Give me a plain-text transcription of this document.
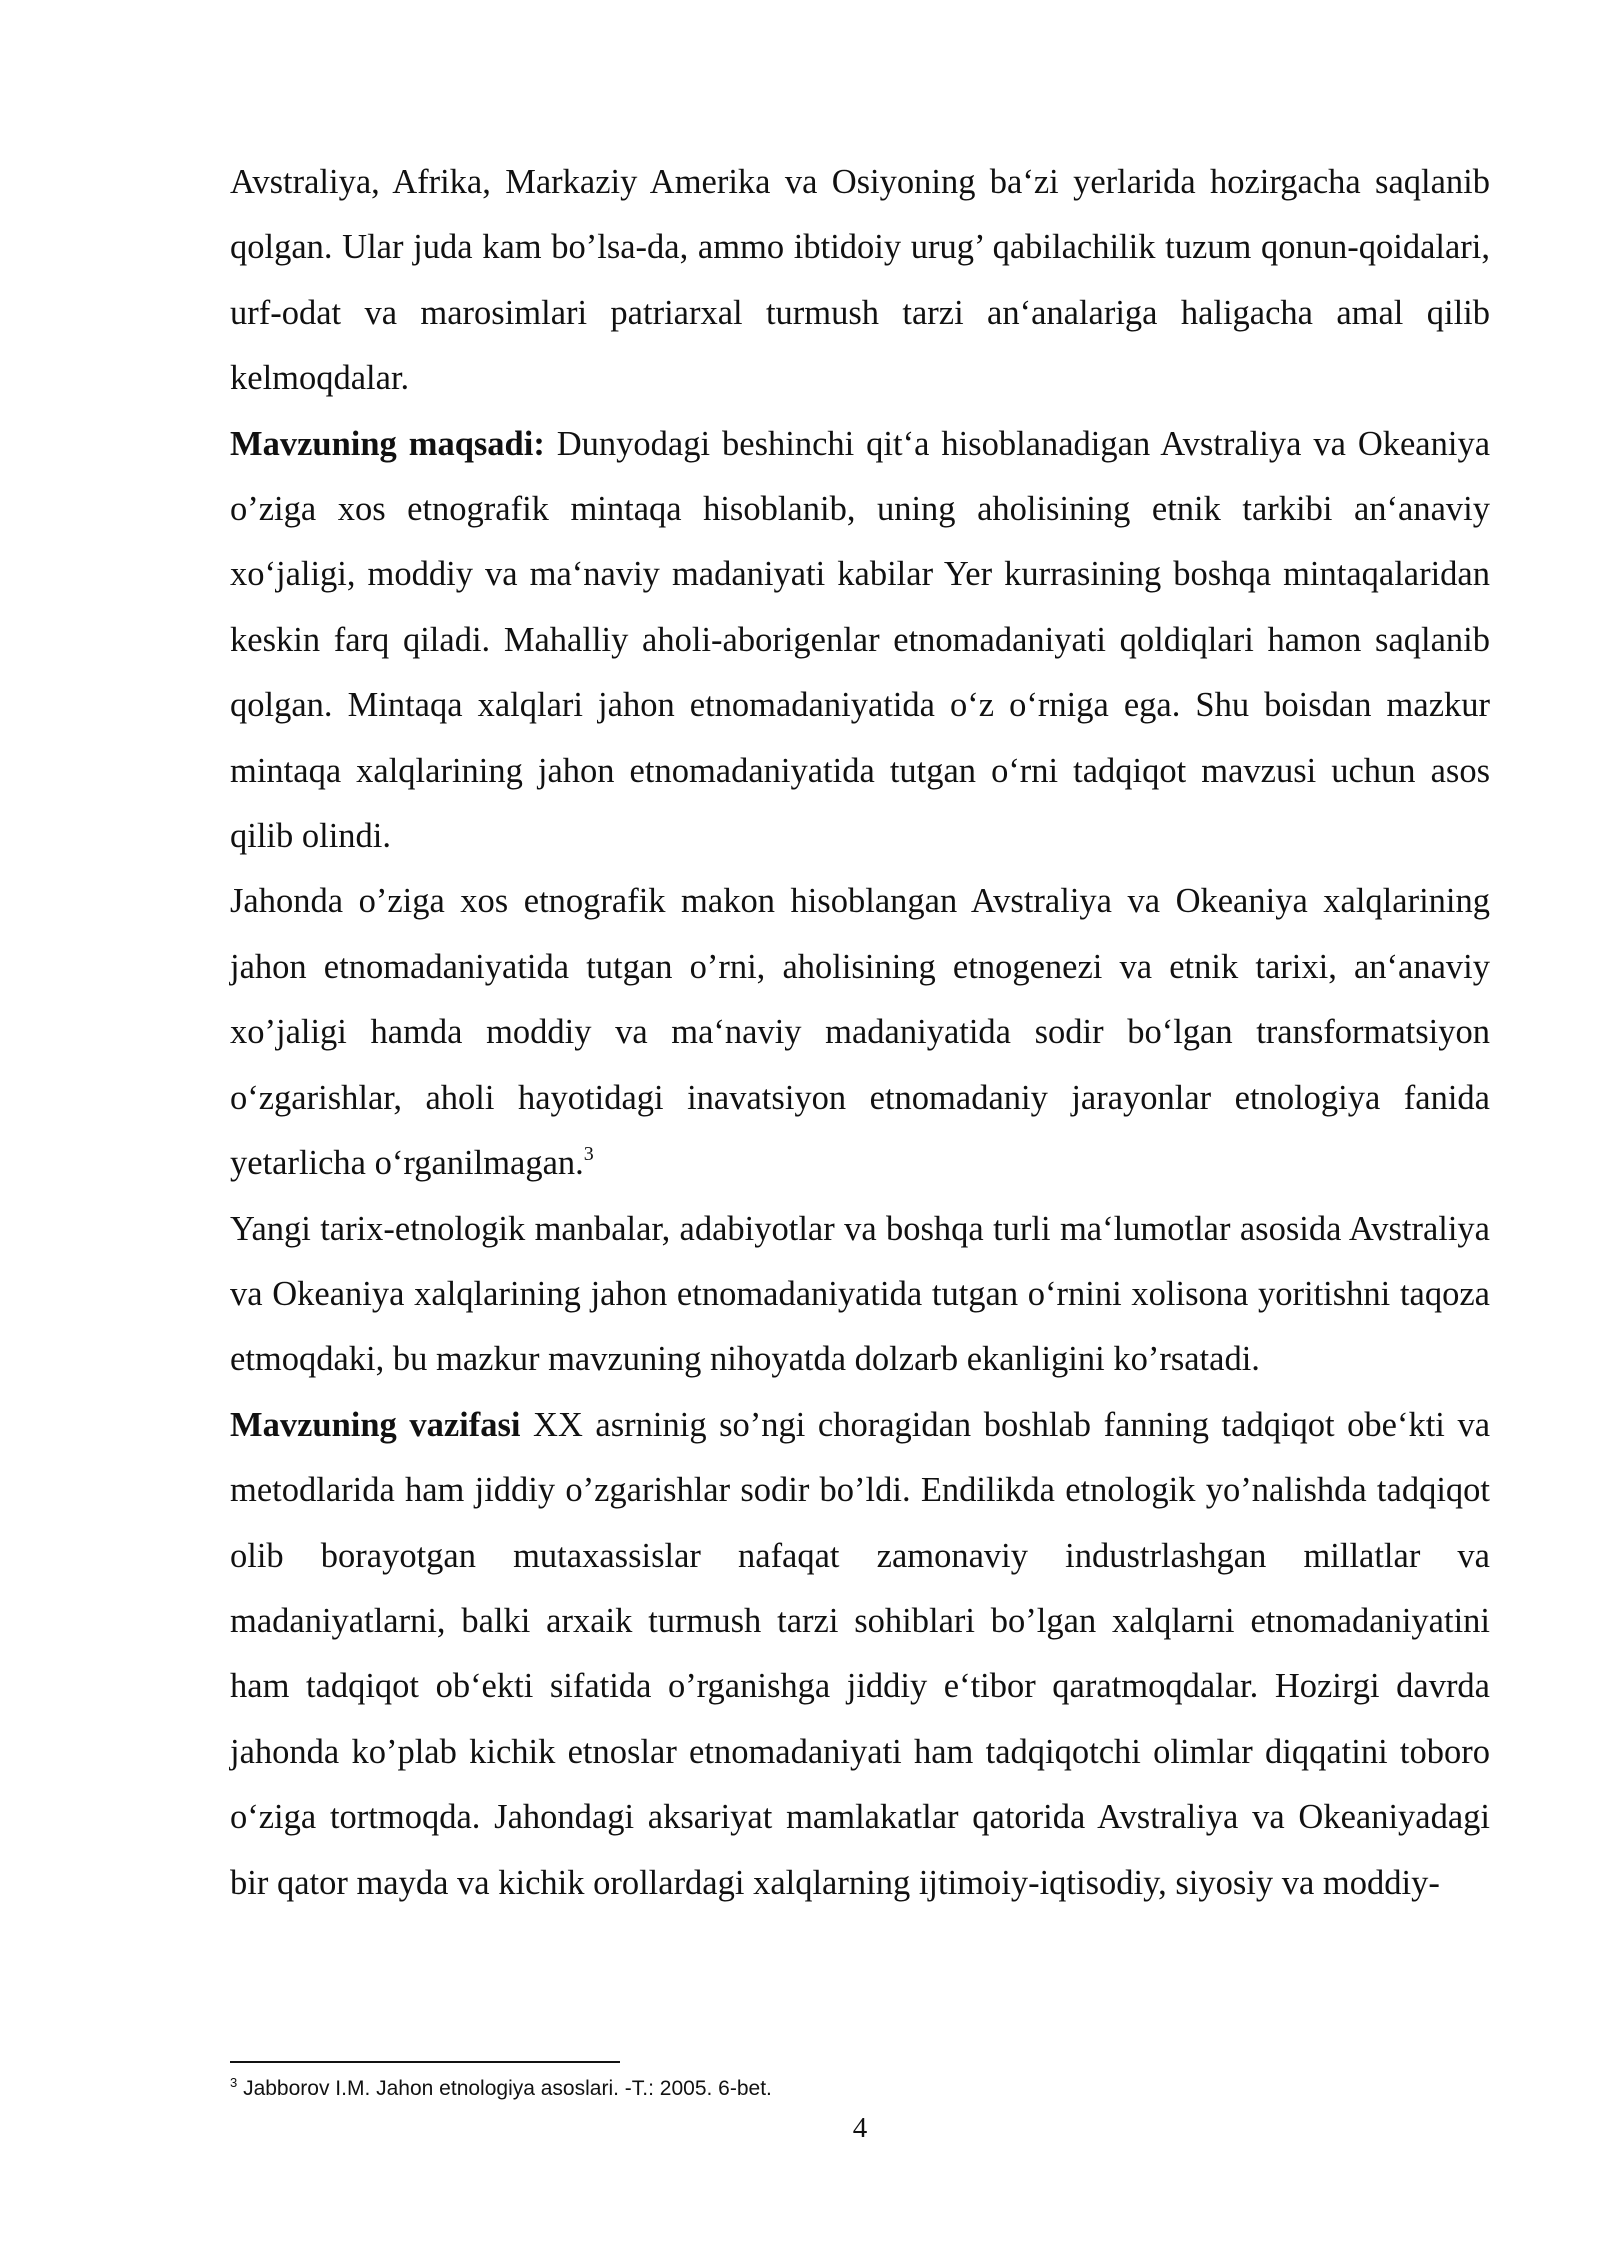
Avstraliya, Afrika, Markaziy Amerika va Osiyoning ba‘zi yerlarida hozirgacha saqlanib qolgan. Ular juda kam bo’lsa-da, ammo ibtidoiy urug’ qabilachilik tuzum qonun-qoidalari, urf-odat va marosimlari patriarxal turmush tarzi an‘analariga haligacha amal qilib kelmoqdalar.

Mavzuning maqsadi: Dunyodagi beshinchi qit‘a hisoblanadigan Avstraliya va Okeaniya o’ziga xos etnografik mintaqa hisoblanib, uning aholisining etnik tarkibi an‘anaviy xo‘jaligi, moddiy va ma‘naviy madaniyati kabilar Yer kurrasining boshqa mintaqalaridan keskin farq qiladi. Mahalliy aholi-aborigenlar etnomadaniyati qoldiqlari hamon saqlanib qolgan. Mintaqa xalqlari jahon etnomadaniyatida o‘z o‘rniga ega. Shu boisdan mazkur mintaqa xalqlarining jahon etnomadaniyatida tutgan o‘rni tadqiqot mavzusi uchun asos qilib olindi.

Jahonda o’ziga xos etnografik makon hisoblangan Avstraliya va Okeaniya xalqlarining jahon etnomadaniyatida tutgan o’rni, aholisining etnogenezi va etnik tarixi, an‘anaviy xo’jaligi hamda moddiy va ma‘naviy madaniyatida sodir bo‘lgan transformatsiyon o‘zgarishlar, aholi hayotidagi inavatsiyon etnomadaniy jarayonlar etnologiya fanida yetarlicha o‘rganilmagan.$^3$

Yangi tarix-etnologik manbalar, adabiyotlar va boshqa turli ma‘lumotlar asosida Avstraliya va Okeaniya xalqlarining jahon etnomadaniyatida tutgan o‘rnini xolisona yoritishni taqoza etmoqdaki, bu mazkur mavzuning nihoyatda dolzarb ekanligini ko’rsatadi.

Mavzuning vazifasi XX asrninig so’ngi choragidan boshlab fanning tadqiqot obe‘kti va metodlarida ham jiddiy o’zgarishlar sodir bo’ldi. Endilikda etnologik yo’nalishda tadqiqot olib borayotgan mutaxassislar nafaqat zamonaviy industrlashgan millatlar va madaniyatlarni, balki arxaik turmush tarzi sohiblari bo’lgan xalqlarni etnomadaniyatini ham tadqiqot ob‘ekti sifatida o’rganishga jiddiy e‘tibor qaratmoqdalar. Hozirgi davrda jahonda ko’plab kichik etnoslar etnomadaniyati ham tadqiqotchi olimlar diqqatini toboro o‘ziga tortmoqda. Jahondagi aksariyat mamlakatlar qatorida Avstraliya va Okeaniyadagi bir qator mayda va kichik orollardagi xalqlarning ijtimoiy-iqtisodiy, siyosiy va moddiy-

$^3$ Jabborov I.M. Jahon etnologiya asoslari. -T.: 2005. 6-bet.
4
